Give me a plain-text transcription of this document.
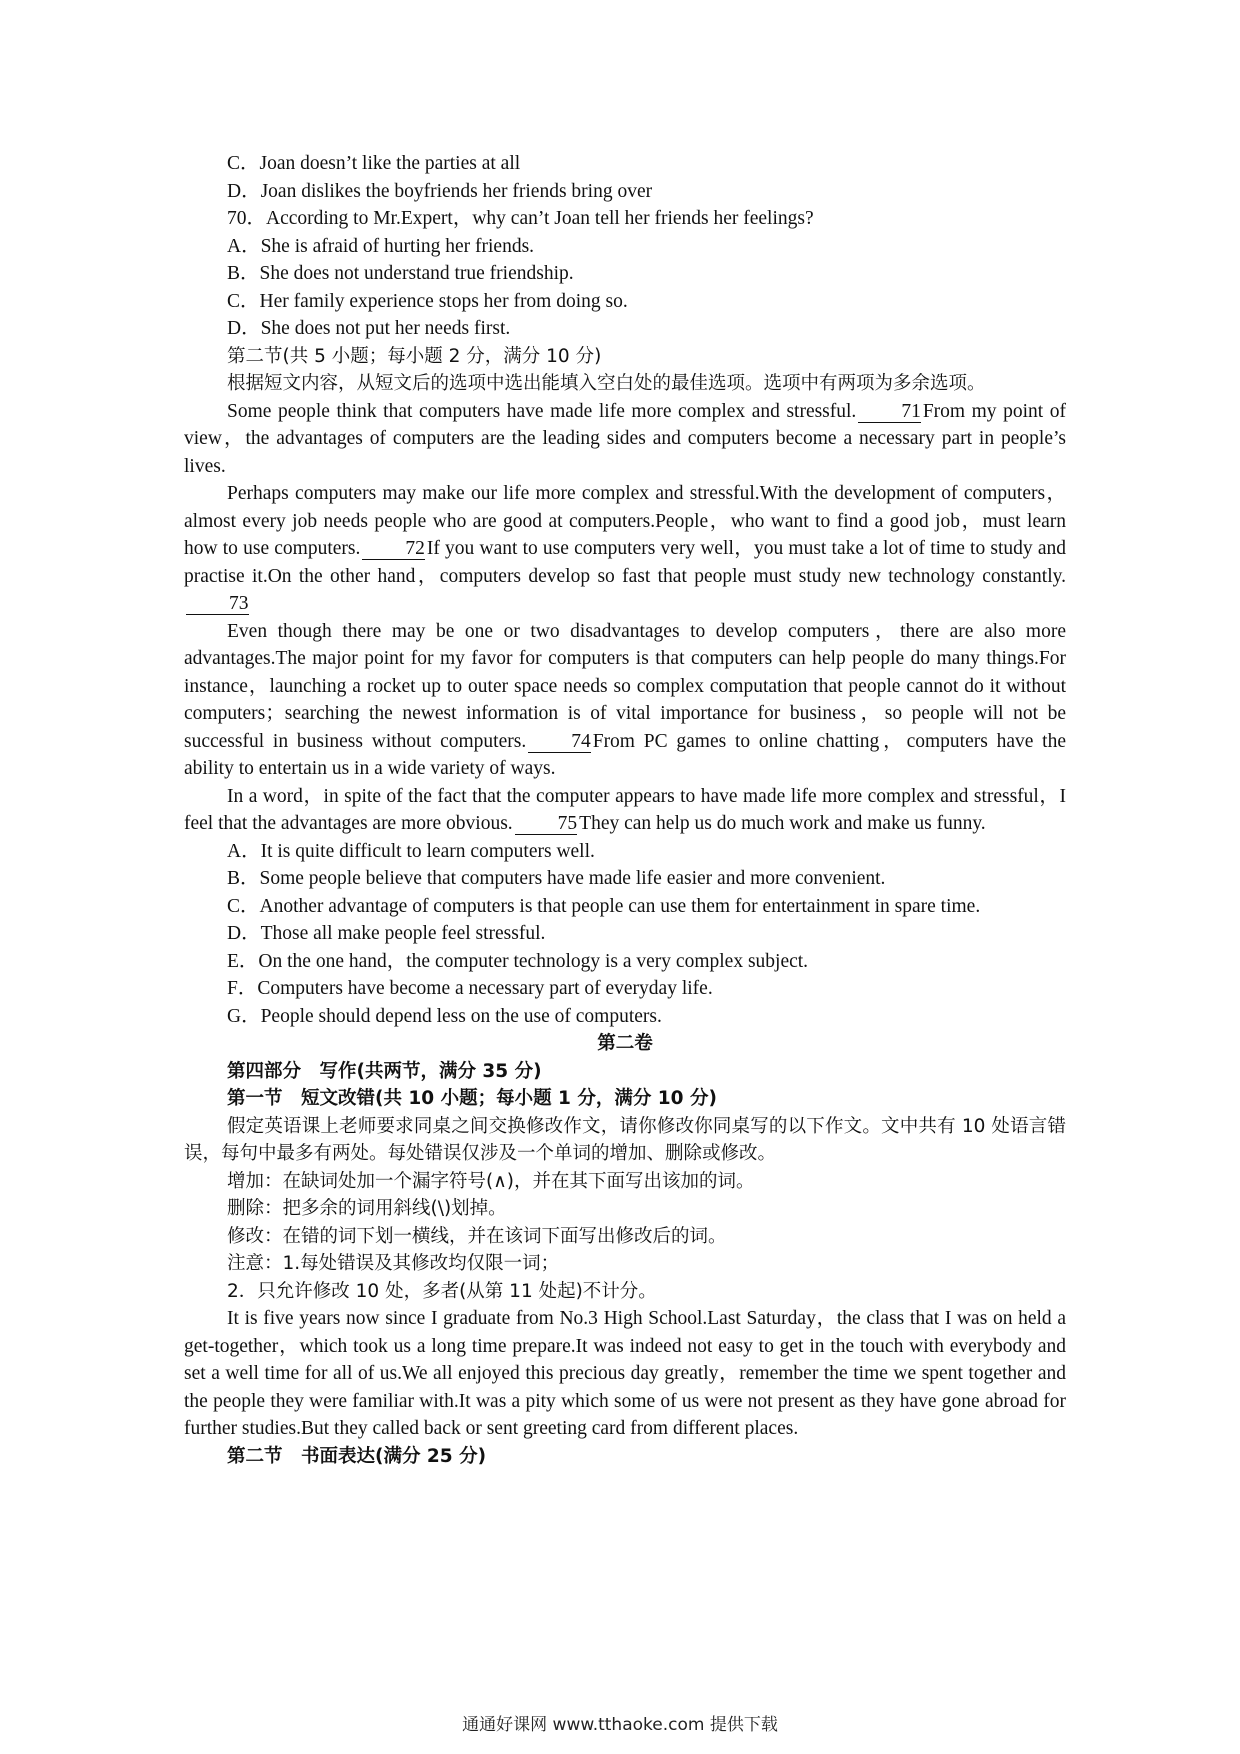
C．Joan doesn’t like the parties at all
D．Joan dislikes the boyfriends her friends bring over
70．According to Mr.Expert，why can’t Joan tell her friends her feelings?
A．She is afraid of hurting her friends.
B．She does not understand true friendship.
C．Her family experience stops her from doing so.
D．She does not put her needs first.
第二节(共 5 小题；每小题 2 分，满分 10 分)
根据短文内容，从短文后的选项中选出能填入空白处的最佳选项。选项中有两项为多余选项。
Some people think that computers have made life more complex and stressful. 71 From my point of view，the advantages of computers are the leading sides and computers become a necessary part in people’s lives.
Perhaps computers may make our life more complex and stressful.With the development of computers，almost every job needs people who are good at computers.People，who want to find a good job，must learn how to use computers. 72 If you want to use computers very well，you must take a lot of time to study and practise it.On the other hand，computers develop so fast that people must study new technology constantly.73
Even though there may be one or two disadvantages to develop computers，there are also more advantages.The major point for my favor for computers is that computers can help people do many things.For instance，launching a rocket up to outer space needs so complex computation that people cannot do it without computers；searching the newest information is of vital importance for business，so people will not be successful in business without computers. 74 From PC games to online chatting，computers have the ability to entertain us in a wide variety of ways.
In a word，in spite of the fact that the computer appears to have made life more complex and stressful，I feel that the advantages are more obvious. 75 They can help us do much work and make us funny.
A．It is quite difficult to learn computers well.
B．Some people believe that computers have made life easier and more convenient.
C．Another advantage of computers is that people can use them for entertainment in spare time.
D．Those all make people feel stressful.
E．On the one hand，the computer technology is a very complex subject.
F．Computers have become a necessary part of everyday life.
G．People should depend less on the use of computers.
第二卷
第四部分　写作(共两节，满分 35 分)
第一节　短文改错(共 10 小题；每小题 1 分，满分 10 分)
假定英语课上老师要求同桌之间交换修改作文，请你修改你同桌写的以下作文。文中共有 10 处语言错误，每句中最多有两处。每处错误仅涉及一个单词的增加、删除或修改。
增加：在缺词处加一个漏字符号(∧)，并在其下面写出该加的词。
删除：把多余的词用斜线(\)划掉。
修改：在错的词下划一横线，并在该词下面写出修改后的词。
注意：1.每处错误及其修改均仅限一词；
2．只允许修改 10 处，多者(从第 11 处起)不计分。
It is five years now since I graduate from No.3 High School.Last Saturday，the class that I was on held a get-together，which took us a long time prepare.It was indeed not easy to get in the touch with everybody and set a well time for all of us.We all enjoyed this precious day greatly，remember the time we spent together and the people they were familiar with.It was a pity which some of us were not present as they have gone abroad for further studies.But they called back or sent greeting card from different places.
第二节　书面表达(满分 25 分)
通通好课网 www.tthaoke.com 提供下载
